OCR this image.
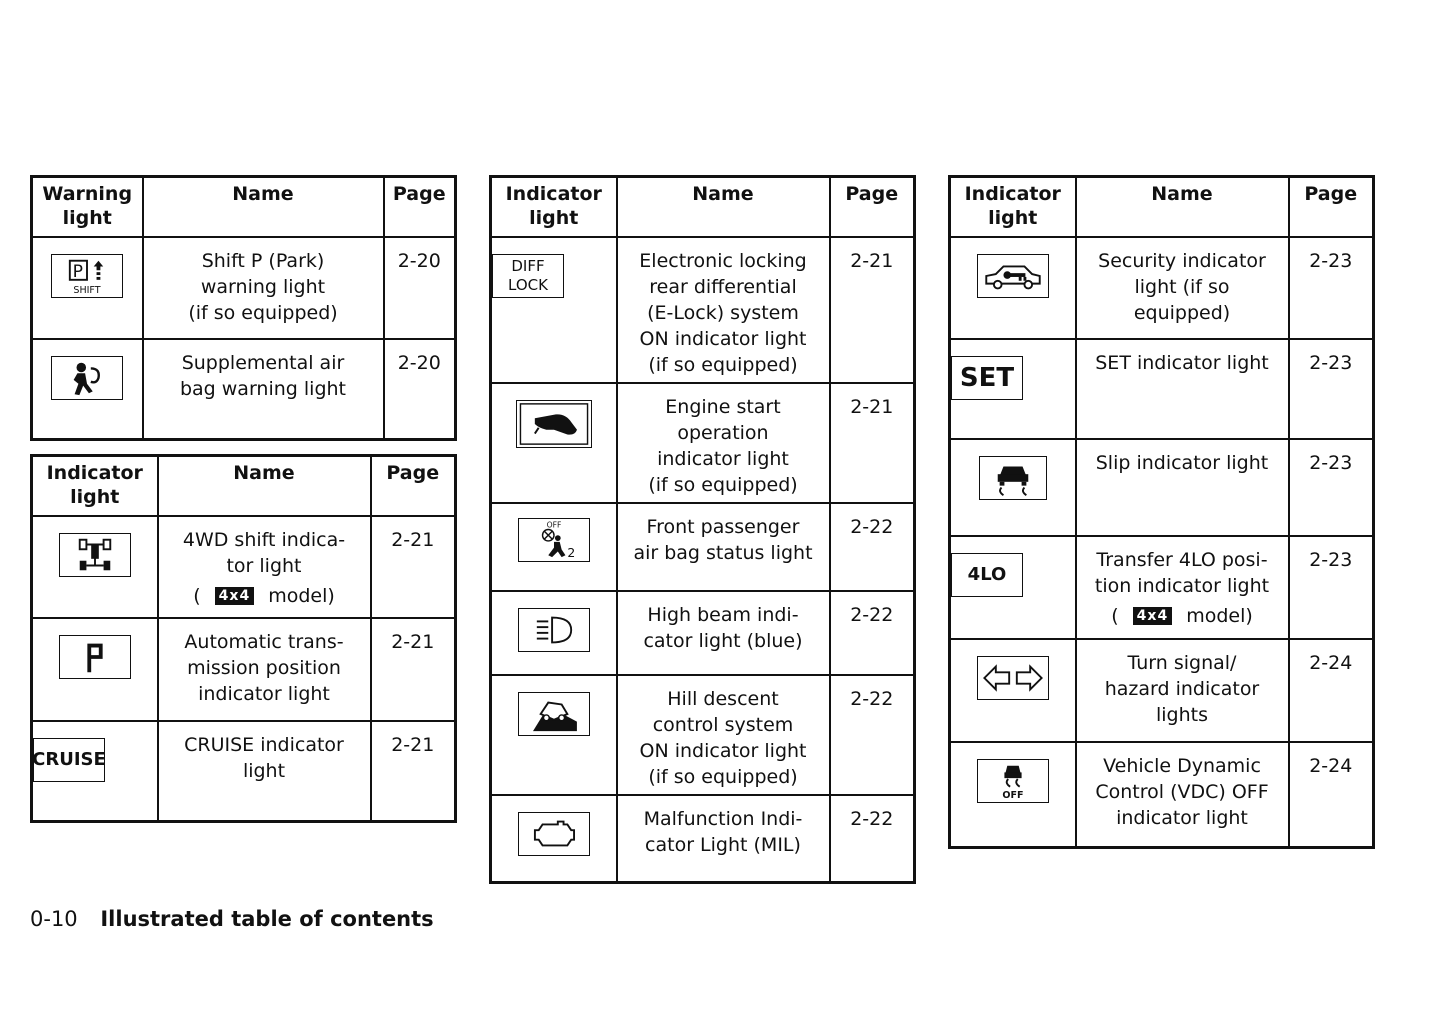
Warning
light	Name	Page

P
SHIFT	Shift P (Park)
warning light
(if so equipped)	2-20

	Supplemental air
bag warning light	2-20
Indicator
light	Name	Page

	4WD shift indica-
tor light
( 4x4 model)	2-21

	Automatic trans-
mission position
indicator light	2-21

CRUISE	CRUISE indicator
light	2-21
Indicator
light	Name	Page

DIFF
LOCK	Electronic locking
rear differential
(E-Lock) system
ON indicator light
(if so equipped)	2-21

	Engine start
operation
indicator light
(if so equipped)	2-21

OFF
2	Front passenger
air bag status light	2-22

	High beam indi-
cator light (blue)	2-22

	Hill descent
control system
ON indicator light
(if so equipped)	2-22

	Malfunction Indi-
cator Light (MIL)	2-22
Indicator
light	Name	Page

	Security indicator
light (if so
equipped)	2-23

SET	SET indicator light	2-23

	Slip indicator light	2-23

4LO	Transfer 4LO posi-
tion indicator light
( 4x4 model)	2-23

	Turn signal/
hazard indicator
lights	2-24

OFF	Vehicle Dynamic
Control (VDC) OFF
indicator light	2-24
0-10 Illustrated table of contents
